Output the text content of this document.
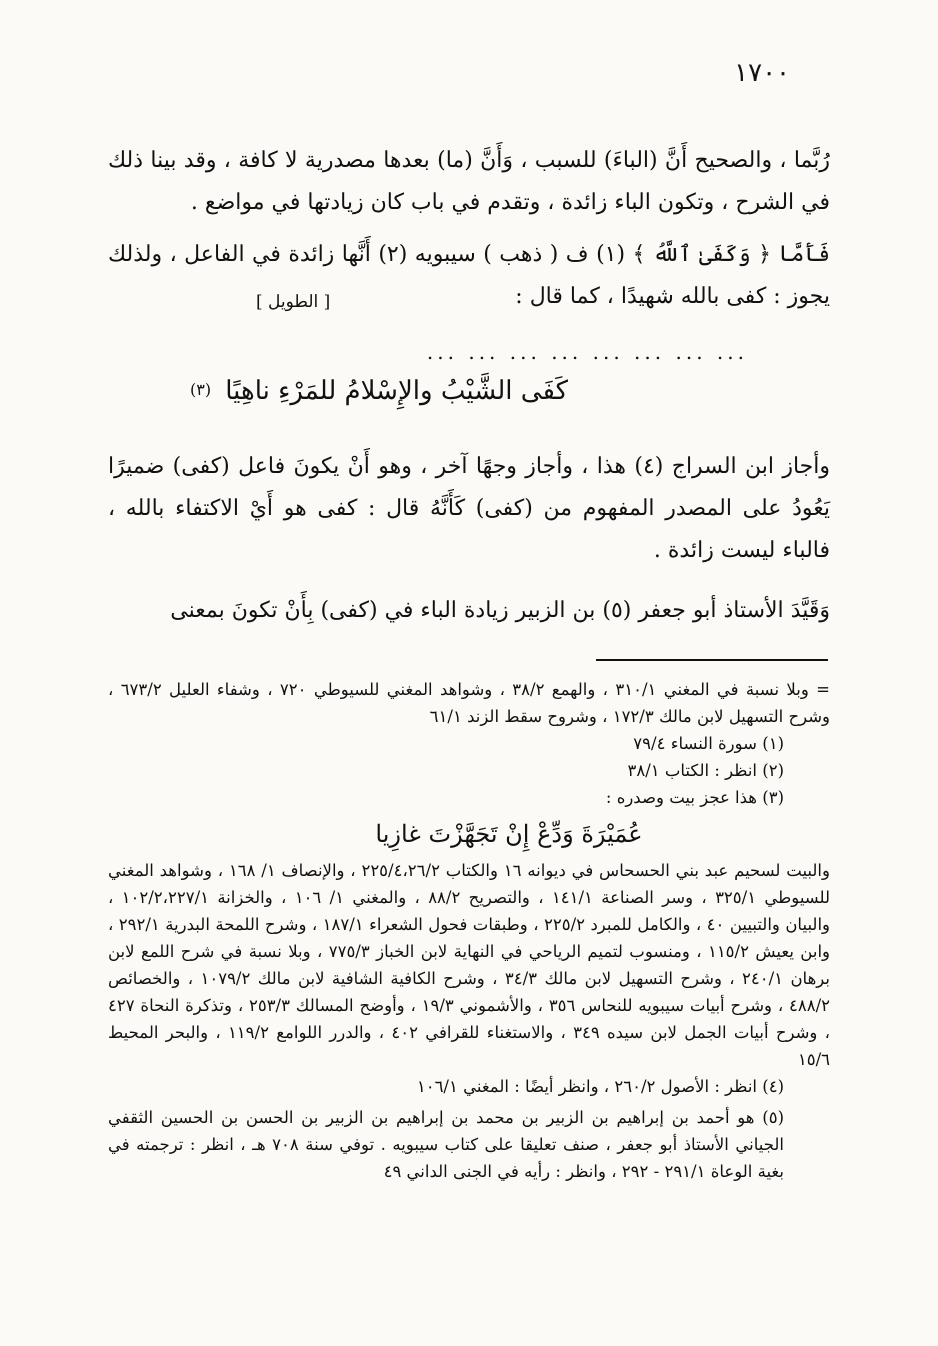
١٧٠٠

رُبَّما ، والصحيح أَنَّ (الباءَ) للسبب ، وَأَنَّ (ما) بعدها مصدرية لا كافة ، وقد بينا ذلك في الشرح ، وتكون الباء زائدة ، وتقدم في باب كان زيادتها في مواضع .

فَأَمَّا ﴿ وَكَفَىٰ ٱللَّهُ ﴾ (١) ف ( ذهب ) سيبويه (٢) أَنَّها زائدة في الفاعل ، ولذلك يجوز : كفى بالله شهيدًا ، كما قال :

[ الطويل ]
... ... ... ... ... ... ... ...
كَفَى الشَّيْبُ والإِسْلامُ للمَرْءِ ناهِيًا
(٣)

وأجاز ابن السراج (٤) هذا ، وأجاز وجهًا آخر ، وهو أَنْ يكونَ فاعل (كفى) ضميرًا يَعُودُ على المصدر المفهوم من (كفى) كَأَنَّهُ قال : كفى هو أَيْ الاكتفاء بالله ، فالباء ليست زائدة .

وَقَيَّدَ الأستاذ أبو جعفر (٥) بن الزبير زيادة الباء في (كفى) بِأَنْ تكونَ بمعنى

= وبلا نسبة في المغني ٣١٠/١ ، والهمع ٣٨/٢ ، وشواهد المغني للسيوطي ٧٢٠ ، وشفاء العليل ٦٧٣/٢ ، وشرح التسهيل لابن مالك ١٧٢/٣ ، وشروح سقط الزند ٦١/١

(١) سورة النساء ٧٩/٤

(٢) انظر : الكتاب ٣٨/١

(٣) هذا عجز بيت وصدره :

عُمَيْرَةَ وَدِّعْ إِنْ تَجَهَّزْتَ غازِيا

والبيت لسحيم عبد بني الحسحاس في ديوانه ١٦ والكتاب ٢٢٥/٤،٢٦/٢ ، والإنصاف ١/ ١٦٨ ، وشواهد المغني للسيوطي ٣٢٥/١ ، وسر الصناعة ١٤١/١ ، والتصريح ٨٨/٢ ، والمغني ١/ ١٠٦ ، والخزانة ١٠٢/٢،٢٢٧/١ ، والبيان والتبيين ٤٠ ، والكامل للمبرد ٢٢٥/٢ ، وطبقات فحول الشعراء ١٨٧/١ ، وشرح اللمحة البدرية ٢٩٢/١ ، وابن يعيش ١١٥/٢ ، ومنسوب لتميم الرياحي في النهاية لابن الخباز ٧٧٥/٣ ، وبلا نسبة في شرح اللمع لابن برهان ٢٤٠/١ ، وشرح التسهيل لابن مالك ٣٤/٣ ، وشرح الكافية الشافية لابن مالك ١٠٧٩/٢ ، والخصائص ٤٨٨/٢ ، وشرح أبيات سيبويه للنحاس ٣٥٦ ، والأشموني ١٩/٣ ، وأوضح المسالك ٢٥٣/٣ ، وتذكرة النحاة ٤٢٧ ، وشرح أبيات الجمل لابن سيده ٣٤٩ ، والاستغناء للقرافي ٤٠٢ ، والدرر اللوامع ١١٩/٢ ، والبحر المحيط ١٥/٦

(٤) انظر : الأصول ٢٦٠/٢ ، وانظر أيضًا : المغني ١٠٦/١

(٥) هو أحمد بن إبراهيم بن الزبير بن محمد بن إبراهيم بن الزبير بن الحسن بن الحسين الثقفي الجياني الأستاذ أبو جعفر ، صنف تعليقا على كتاب سيبويه . توفي سنة ٧٠٨ هـ ، انظر : ترجمته في بغية الوعاة ٢٩١/١ - ٢٩٢ ، وانظر : رأيه في الجنى الداني ٤٩
